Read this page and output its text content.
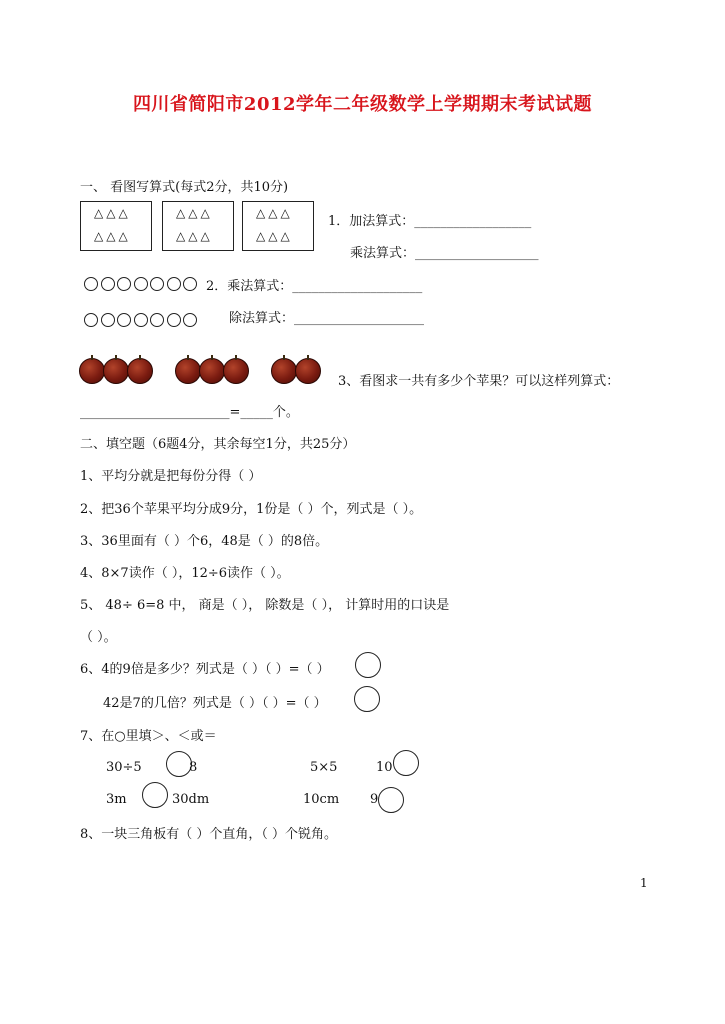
四川省简阳市2012学年二年级数学上学期期末考试试题
一、 看图写算式(每式2分，共10分)
△△△
△△△
△△△
△△△
△△△
△△△
1．加法算式：__________________
乘法算式：___________________
2．乘法算式：____________________
除法算式：____________________
3、看图求一共有多少个苹果？可以这样列算式：
_______________________=_____个。
二、填空题（6题4分，其余每空1分，共25分）
1、平均分就是把每份分得（ ）
2、把36个苹果平均分成9分，1份是（ ）个，列式是（ ）。
3、36里面有（ ）个6，48是（ ）的8倍。
4、8×7读作（ ），12÷6读作（ ）。
5、 48÷ 6=8 中， 商是（ ）， 除数是（ ）， 计算时用的口诀是
（ ）。
6、4的9倍是多少？列式是（ ）（ ）=（ ）
42是7的几倍？列式是（ ）（ ）=（ ）
7、在○里填＞、＜或＝
30÷5	8	5×5	10
3m	30dm	10cm 9
8、一块三角板有（ ）个直角，（ ）个锐角。
1
